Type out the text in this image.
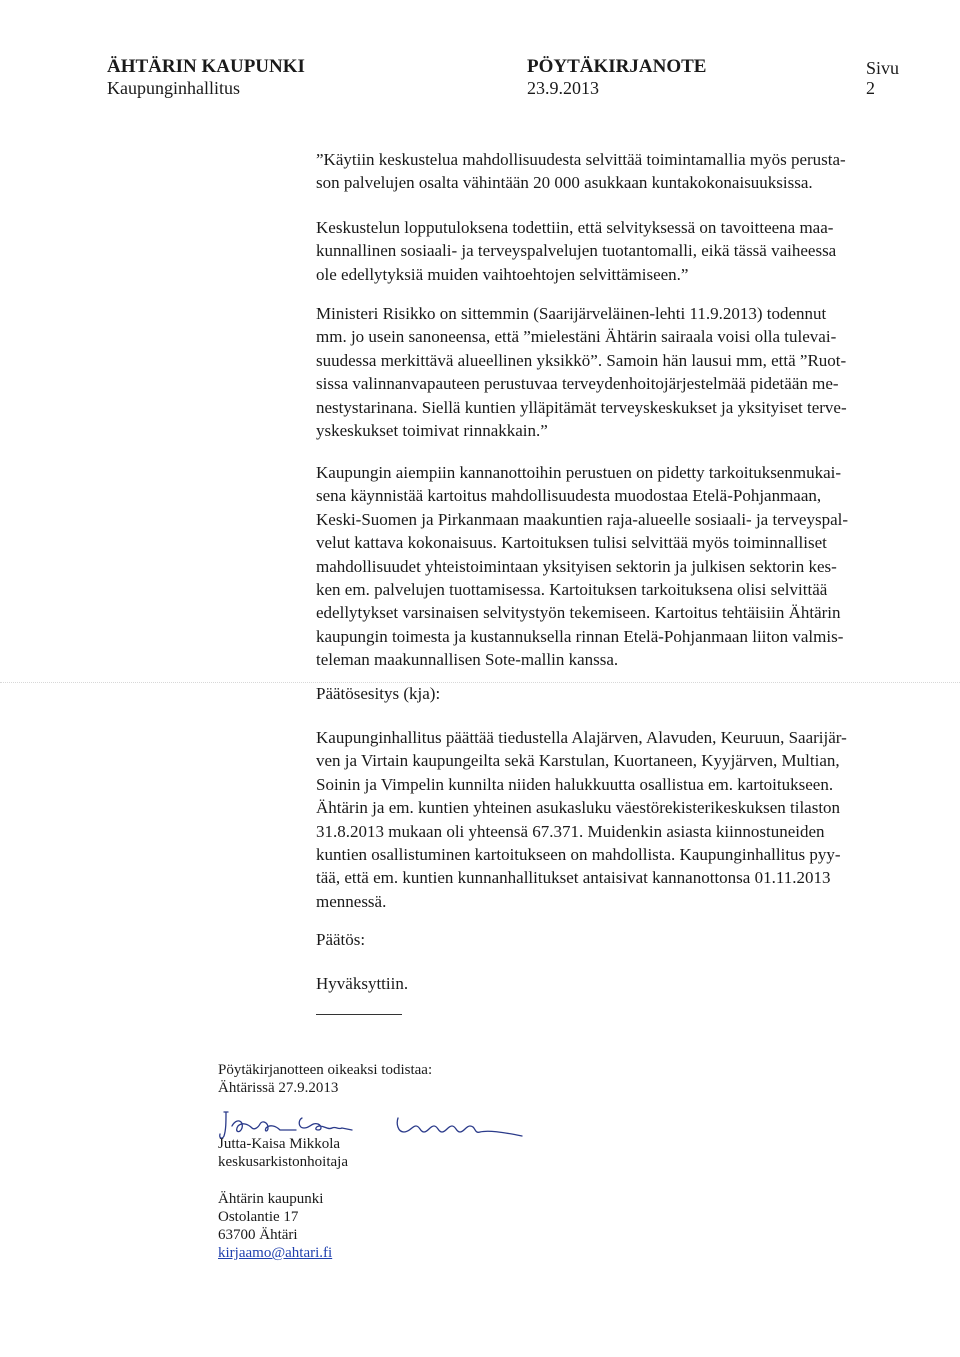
ÄHTÄRIN KAUPUNKI
Kaupunginhallitus
PÖYTÄKIRJANOTE
23.9.2013
Sivu
2
”Käytiin keskustelua mahdollisuudesta selvittää toimintamallia myös perusta-
son palvelujen osalta vähintään 20 000 asukkaan kuntakokonaisuuksissa.
Keskustelun lopputuloksena todettiin, että selvityksessä on tavoitteena maa-
kunnallinen sosiaali- ja terveyspalvelujen tuotantomalli, eikä tässä vaiheessa
ole edellytyksiä muiden vaihtoehtojen selvittämiseen.”
Ministeri Risikko on sittemmin (Saarijärveläinen-lehti 11.9.2013) todennut
mm. jo usein sanoneensa, että ”mielestäni Ähtärin sairaala voisi olla tulevai-
suudessa merkittävä alueellinen yksikkö”. Samoin hän lausui mm, että ”Ruot-
sissa valinnanvapauteen perustuvaa terveydenhoitojärjestelmää pidetään me-
nestystarinana. Siellä kuntien ylläpitämät terveyskeskukset ja yksityiset terve-
yskeskukset toimivat rinnakkain.”
Kaupungin aiempiin kannanottoihin perustuen on pidetty tarkoituksenmukai-
sena käynnistää kartoitus mahdollisuudesta muodostaa Etelä-Pohjanmaan,
Keski-Suomen ja Pirkanmaan maakuntien raja-alueelle sosiaali- ja terveyspal-
velut kattava kokonaisuus. Kartoituksen tulisi selvittää myös toiminnalliset
mahdollisuudet yhteistoimintaan yksityisen sektorin ja julkisen sektorin kes-
ken em. palvelujen tuottamisessa. Kartoituksen tarkoituksena olisi selvittää
edellytykset varsinaisen selvitystyön tekemiseen. Kartoitus tehtäisiin Ähtärin
kaupungin toimesta ja kustannuksella rinnan Etelä-Pohjanmaan liiton valmis-
teleman maakunnallisen Sote-mallin kanssa.
Päätösesitys (kja):
Kaupunginhallitus päättää tiedustella Alajärven, Alavuden, Keuruun, Saarijär-
ven ja Virtain kaupungeilta sekä Karstulan, Kuortaneen, Kyyjärven, Multian,
Soinin ja Vimpelin kunnilta niiden halukkuutta osallistua em. kartoitukseen.
Ähtärin ja em. kuntien yhteinen asukasluku väestörekisterikeskuksen tilaston
31.8.2013 mukaan oli yhteensä 67.371. Muidenkin asiasta kiinnostuneiden
kuntien osallistuminen kartoitukseen on mahdollista. Kaupunginhallitus pyy-
tää, että em. kuntien kunnanhallitukset antaisivat kannanottonsa 01.11.2013
mennessä.
Päätös:
Hyväksyttiin.
Pöytäkirjanotteen oikeaksi todistaa:
Ähtärissä 27.9.2013
Jutta-Kaisa Mikkola
keskusarkistonhoitaja
Ähtärin kaupunki
Ostolantie 17
63700 Ähtäri
kirjaamo@ahtari.fi
